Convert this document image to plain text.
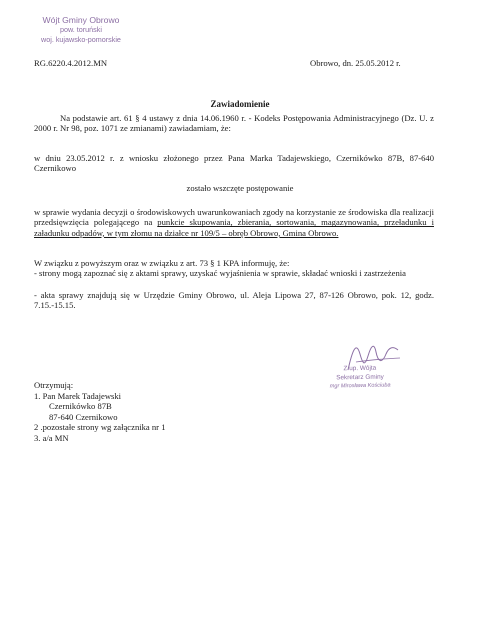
Wójt Gminy Obrowo
pow. toruński
woj. kujawsko-pomorskie
RG.6220.4.2012.MN	Obrowo, dn. 25.05.2012 r.
Zawiadomienie
Na podstawie art. 61 § 4 ustawy z dnia 14.06.1960 r. - Kodeks Postępowania Administracyjnego (Dz. U. z 2000 r. Nr 98, poz. 1071 ze zmianami) zawiadamiam, że:
w dniu 23.05.2012 r. z wniosku złożonego przez Pana Marka Tadajewskiego, Czernikówko 87B, 87-640 Czernikowo
zostało wszczęte postępowanie
w sprawie wydania decyzji o środowiskowych uwarunkowaniach zgody na korzystanie ze środowiska dla realizacji przedsięwzięcia polegającego na punkcie skupowania, zbierania, sortowania, magazynowania, przeładunku i załadunku odpadów, w tym złomu na działce nr 109/5 – obręb Obrowo, Gmina Obrowo.
W związku z powyższym oraz w związku z art. 73 § 1 KPA informuję, że:
- strony mogą zapoznać się z aktami sprawy, uzyskać wyjaśnienia w sprawie, składać wnioski i zastrzeżenia
- akta sprawy znajdują się w Urzędzie Gminy Obrowo, ul. Aleja Lipowa 27, 87-126 Obrowo, pok. 12, godz. 7.15.-15.15.
Z up. Wójta
Sekretarz Gminy
mgr Mirosława Kościuba
Otrzymują:
1. Pan Marek Tadajewski
Czernikówko 87B
87-640 Czernikowo
2 .pozostałe strony wg załącznika nr 1
3. a/a MN
